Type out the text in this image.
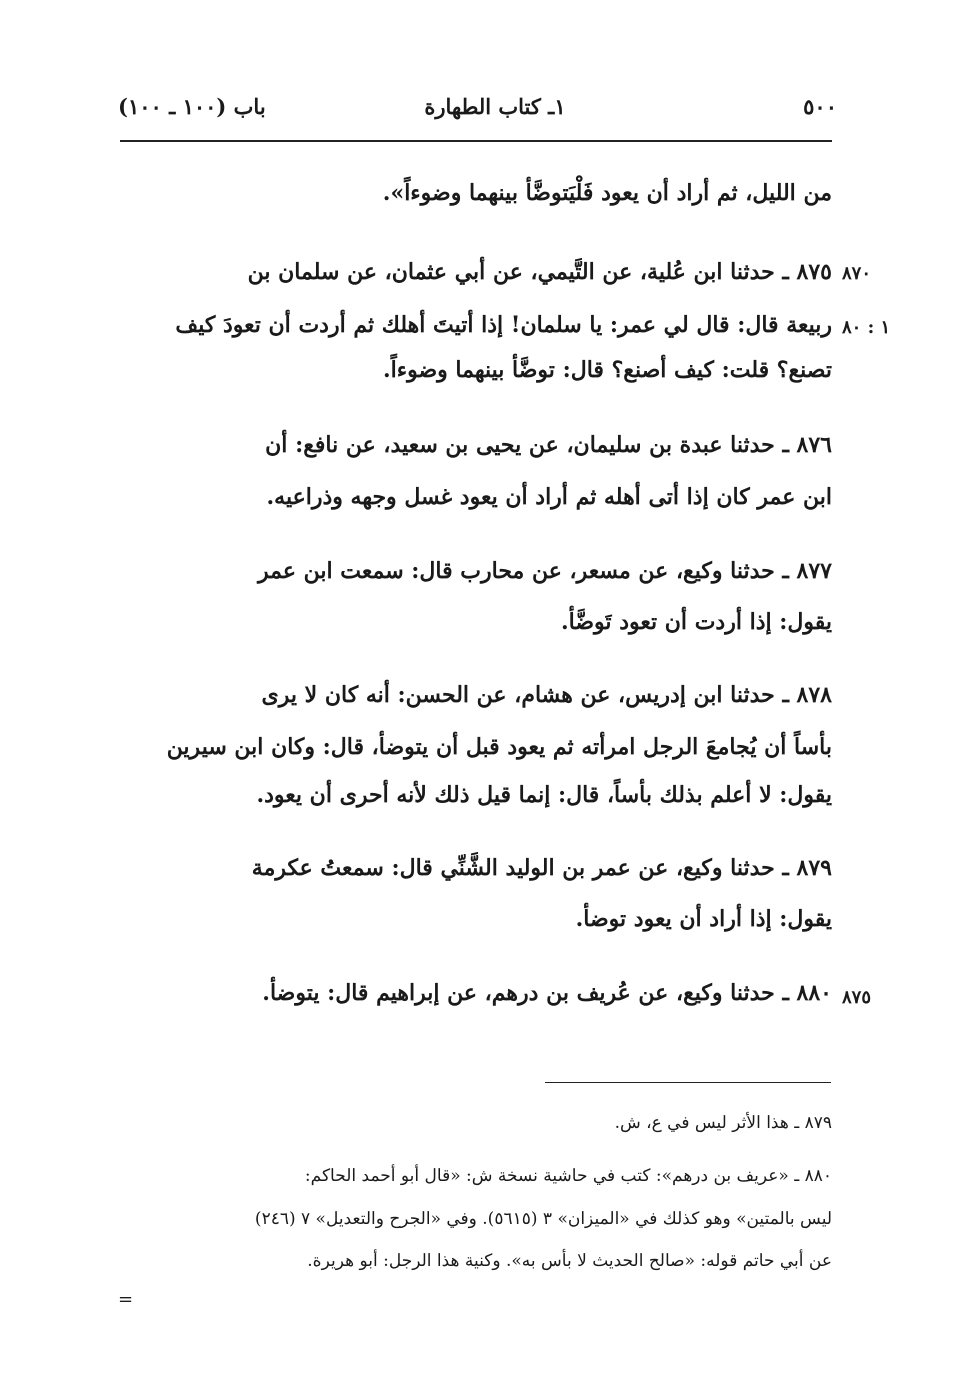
٥٠٠
١ـ كتاب الطهارة
باب (١٠٠ ـ ١٠٠)
من الليل، ثم أراد أن يعود فَلْيَتوضَّأ بينهما وضوءاً».
٨٧٥ ـ حدثنا ابن عُلية، عن التَّيمي، عن أبي عثمان، عن سلمان بن
ربيعة قال: قال لي عمر: يا سلمان! إذا أتيتَ أهلك ثم أردت أن تعودَ كيف
تصنع؟ قلت: كيف أصنع؟ قال: توضَّأ بينهما وضوءاً.
٨٧٦ ـ حدثنا عبدة بن سليمان، عن يحيى بن سعيد، عن نافع: أن
ابن عمر كان إذا أتى أهله ثم أراد أن يعود غسل وجهه وذراعيه.
٨٧٧ ـ حدثنا وكيع، عن مسعر، عن محارب قال: سمعت ابن عمر
يقول: إذا أردت أن تعود تَوضَّأ.
٨٧٨ ـ حدثنا ابن إدريس، عن هشام، عن الحسن: أنه كان لا يرى
بأساً أن يُجامعَ الرجل امرأته ثم يعود قبل أن يتوضأ، قال: وكان ابن سيرين
يقول: لا أعلم بذلك بأساً، قال: إنما قيل ذلك لأنه أحرى أن يعود.
٨٧٩ ـ حدثنا وكيع، عن عمر بن الوليد الشَّنِّي قال: سمعتُ عكرمة
يقول: إذا أراد أن يعود توضأ.
٨٨٠ ـ حدثنا وكيع، عن عُريف بن درهم، عن إبراهيم قال: يتوضأ.
٨٧٠
١ : ٨٠
٨٧٥
٨٧٩ ـ هذا الأثر ليس في ع، ش.
٨٨٠ ـ «عريف بن درهم»: كتب في حاشية نسخة ش: «قال أبو أحمد الحاكم:
ليس بالمتين» وهو كذلك في «الميزان» ٣ (٥٦١٥). وفي «الجرح والتعديل» ٧ (٢٤٦)
عن أبي حاتم قوله: «صالح الحديث لا بأس به». وكنية هذا الرجل: أبو هريرة.
=
